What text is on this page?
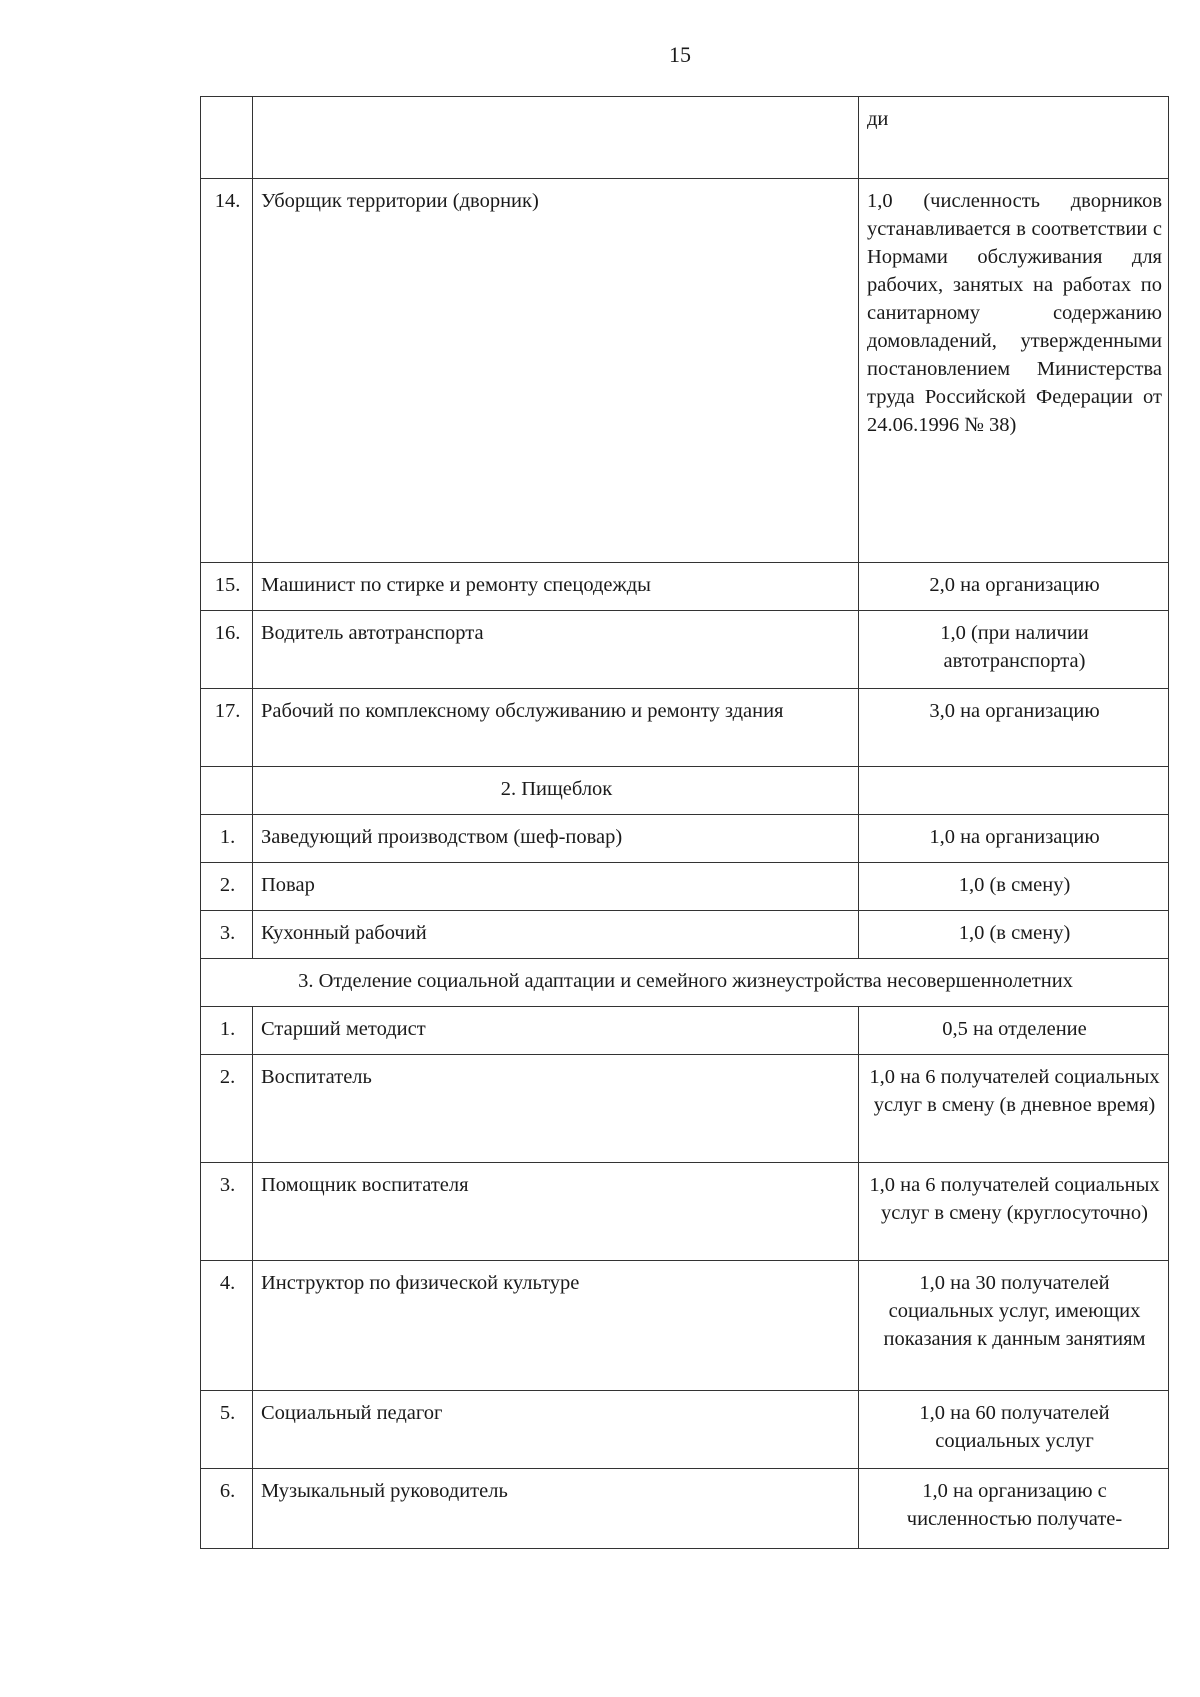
15
		ди
14.	Уборщик территории (дворник)	1,0 (численность дворников устанавливается в соответствии с Нормами обслуживания для рабочих, занятых на работах по санитарному содержанию домовладений, утвержденными постановлением Министерства труда Российской Федерации от 24.06.1996 № 38)
15.	Машинист по стирке и ремонту спецодежды	2,0 на организацию
16.	Водитель автотранспорта	1,0 (при наличии автотранспорта)
17.	Рабочий по комплексному обслуживанию и ремонту здания	3,0 на организацию
	2. Пищеблок	
1.	Заведующий производством (шеф-повар)	1,0 на организацию
2.	Повар	1,0 (в смену)
3.	Кухонный рабочий	1,0 (в смену)
3. Отделение социальной адаптации и семейного жизнеустройства несовершеннолетних		
1.	Старший методист	0,5 на отделение
2.	Воспитатель	1,0 на 6 получателей социальных услуг в смену (в дневное время)
3.	Помощник воспитателя	1,0 на 6 получателей социальных услуг в смену (круглосуточно)
4.	Инструктор по физической культуре	1,0 на 30 получателей социальных услуг, имеющих показания к данным занятиям
5.	Социальный педагог	1,0 на 60 получателей социальных услуг
6.	Музыкальный руководитель	1,0 на организацию с численностью получате-
